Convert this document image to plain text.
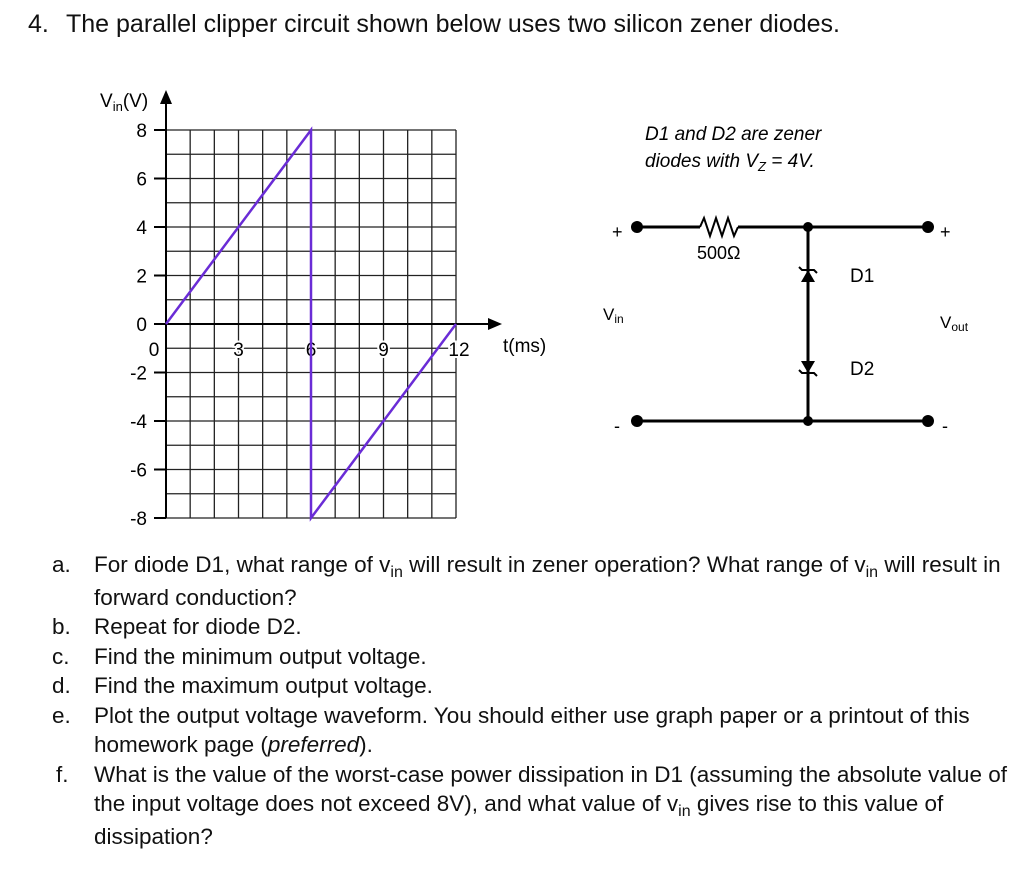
4. The parallel clipper circuit shown below uses two silicon zener diodes.
8
6
4
2
0
-2
-4
-6
-8
0	3	6	9	12
$V_{in}(V)$
t(ms)
D1 and D2 are zener
diodes with $V_Z = 4V$.
500Ω
D1
D2
+
-
Vin
+
-
Vout
a.	For diode D1, what range of $v_{in}$ will result in zener operation? What range of $v_{in}$ will result in forward conduction?
b.	Repeat for diode D2.
c.	Find the minimum output voltage.
d.	Find the maximum output voltage.
e.	Plot the output voltage waveform. You should either use graph paper or a printout of this homework page (preferred).
f.	What is the value of the worst-case power dissipation in D1 (assuming the absolute value of the input voltage does not exceed 8V), and what value of $v_{in}$ gives rise to this value of dissipation?
